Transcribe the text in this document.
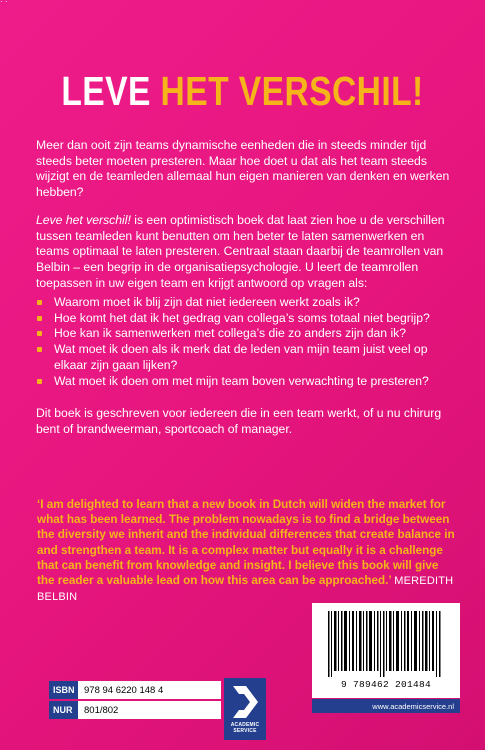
· ·
LEVE HET VERSCHIL!
Meer dan ooit zijn teams dynamische eenheden die in steeds minder tijd steeds beter moeten presteren. Maar hoe doet u dat als het team steeds wijzigt en de teamleden allemaal hun eigen manieren van denken en werken hebben?
Leve het verschil! is een optimistisch boek dat laat zien hoe u de verschillen tussen teamleden kunt benutten om hen beter te laten samenwerken en teams optimaal te laten presteren. Centraal staan daarbij de teamrollen van Belbin – een begrip in de organisatiepsychologie. U leert de teamrollen toepassen in uw eigen team en krijgt antwoord op vragen als:
Waarom moet ik blij zijn dat niet iedereen werkt zoals ik?
Hoe komt het dat ik het gedrag van collega’s soms totaal niet begrijp?
Hoe kan ik samenwerken met collega’s die zo anders zijn dan ik?
Wat moet ik doen als ik merk dat de leden van mijn team juist veel op elkaar zijn gaan lijken?
Wat moet ik doen om met mijn team boven verwachting te presteren?
Dit boek is geschreven voor iedereen die in een team werkt, of u nu chirurg bent of brandweerman, sportcoach of manager.
‘I am delighted to learn that a new book in Dutch will widen the market for what has been learned. The problem nowadays is to find a bridge between the diversity we inherit and the individual differences that create balance in and strengthen a team. It is a complex matter but equally it is a challenge that can benefit from knowledge and insight. I believe this book will give the reader a valuable lead on how this area can be approached.’ MEREDITH BELBIN
9 789462 201484
ISBN 978 94 6220 148 4
NUR	801/802
ACADEMIC SERVICE
www.academicservice.nl
